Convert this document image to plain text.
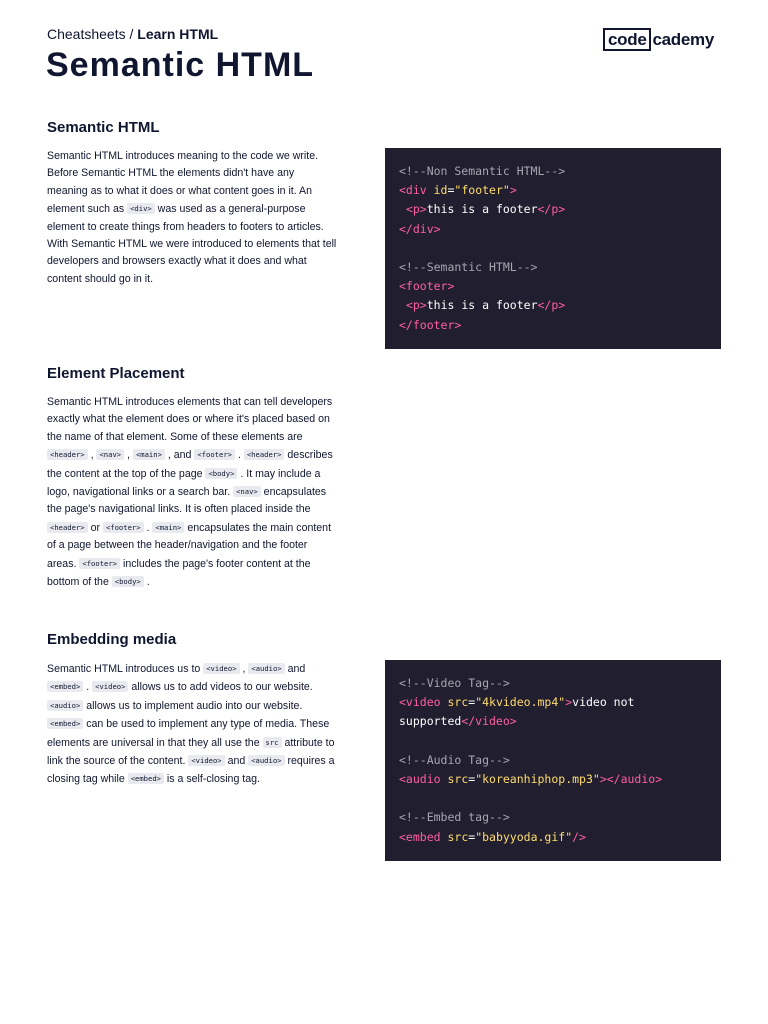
Cheatsheets / Learn HTML	code cademy
Semantic HTML
Semantic HTML

Semantic HTML introduces meaning to the code we write. Before Semantic HTML the elements didn't have any meaning as to what it does or what content goes in it. An element such as <div> was used as a general-purpose element to create things from headers to footers to articles. With Semantic HTML we were introduced to elements that tell developers and browsers exactly what it does and what content should go in it.

Element Placement

Semantic HTML introduces elements that can tell developers exactly what the element does or where it's placed based on the name of that element. Some of these elements are <header> , <nav> , <main> , and <footer> . <header> describes the content at the top of the page <body> . It may include a logo, navigational links or a search bar. <nav> encapsulates the page's navigational links. It is often placed inside the <header> or <footer> . <main> encapsulates the main content of a page between the header/navigation and the footer areas. <footer> includes the page's footer content at the bottom of the <body> .

Embedding media

Semantic HTML introduces us to <video> , <audio> and <embed> . <video> allows us to add videos to our website. <audio> allows us to implement audio into our website. <embed> can be used to implement any type of media. These elements are universal in that they all use the src attribute to link the source of the content. <video> and <audio> requires a closing tag while <embed> is a self-closing tag.

<!--Non Semantic HTML-->
<div id="footer">
<p>this is a footer</p>
</div>
<!--Semantic HTML-->
<footer>
<p>this is a footer</p>
</footer>
<!--Video Tag-->
<video src="4kvideo.mp4">video not
supported</video>
<!--Audio Tag-->
<audio src="koreanhiphop.mp3"></audio>
<!--Embed tag-->
<embed src="babyyoda.gif"/>
